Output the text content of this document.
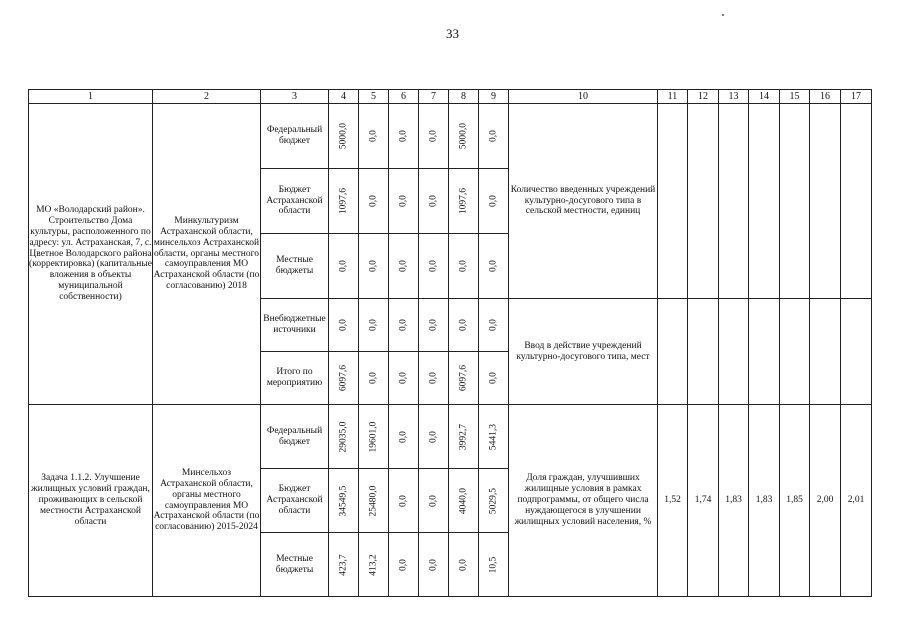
33
1	2	3	4	5	6	7	8	9	10	11	12	13	14	15	16	17
МО «Володарский район». Строительство Дома культуры, расположенного по адресу: ул. Астраханская, 7, с. Цветное Володарского района (корректировка) (капитальные вложения в объекты муниципальной собственности)	Минкультуризм Астраханской области, минсельхоз Астраханской области, органы местного самоуправления МО Астраханской области (по согласованию) 2018	Федеральный бюджет	5000,0	0,0	0,0	0,0	5000,0	0,0	Количество введенных учреждений культурно-досугового типа в сельской местности, единиц							
		Бюджет Астраханской области	1097,6	0,0	0,0	0,0	1097,6	0,0								

		Местные бюджеты	0,0	0,0	0,0	0,0	0,0	0,0								

		Внебюджетные источники	0,0	0,0	0,0	0,0	0,0	0,0	Ввод в действие учреждений культурно-досугового типа, мест							
		Итого по мероприятию	6097,6	0,0	0,0	0,0	6097,6	0,0								

Задача 1.1.2. Улучшение жилищных условий граждан, проживающих в сельской местности Астраханской области	Минсельхоз Астраханской области, органы местного самоуправления МО Астраханской области (по согласованию) 2015-2024	Федеральный бюджет	29035,0	19601,0	0,0	0,0	3992,7	5441,3	Доля граждан, улучшивших жилищные условия в рамках подпрограммы, от общего числа нуждающегося в улучшении жилищных условий населения, %	1,52	1,74	1,83	1,83	1,85	2,00	2,01
		Бюджет Астраханской области	34549,5	25480,0	0,0	0,0	4040,0	5029,5								

		Местные бюджеты	423,7	413,2	0,0	0,0	0,0	10,5								
